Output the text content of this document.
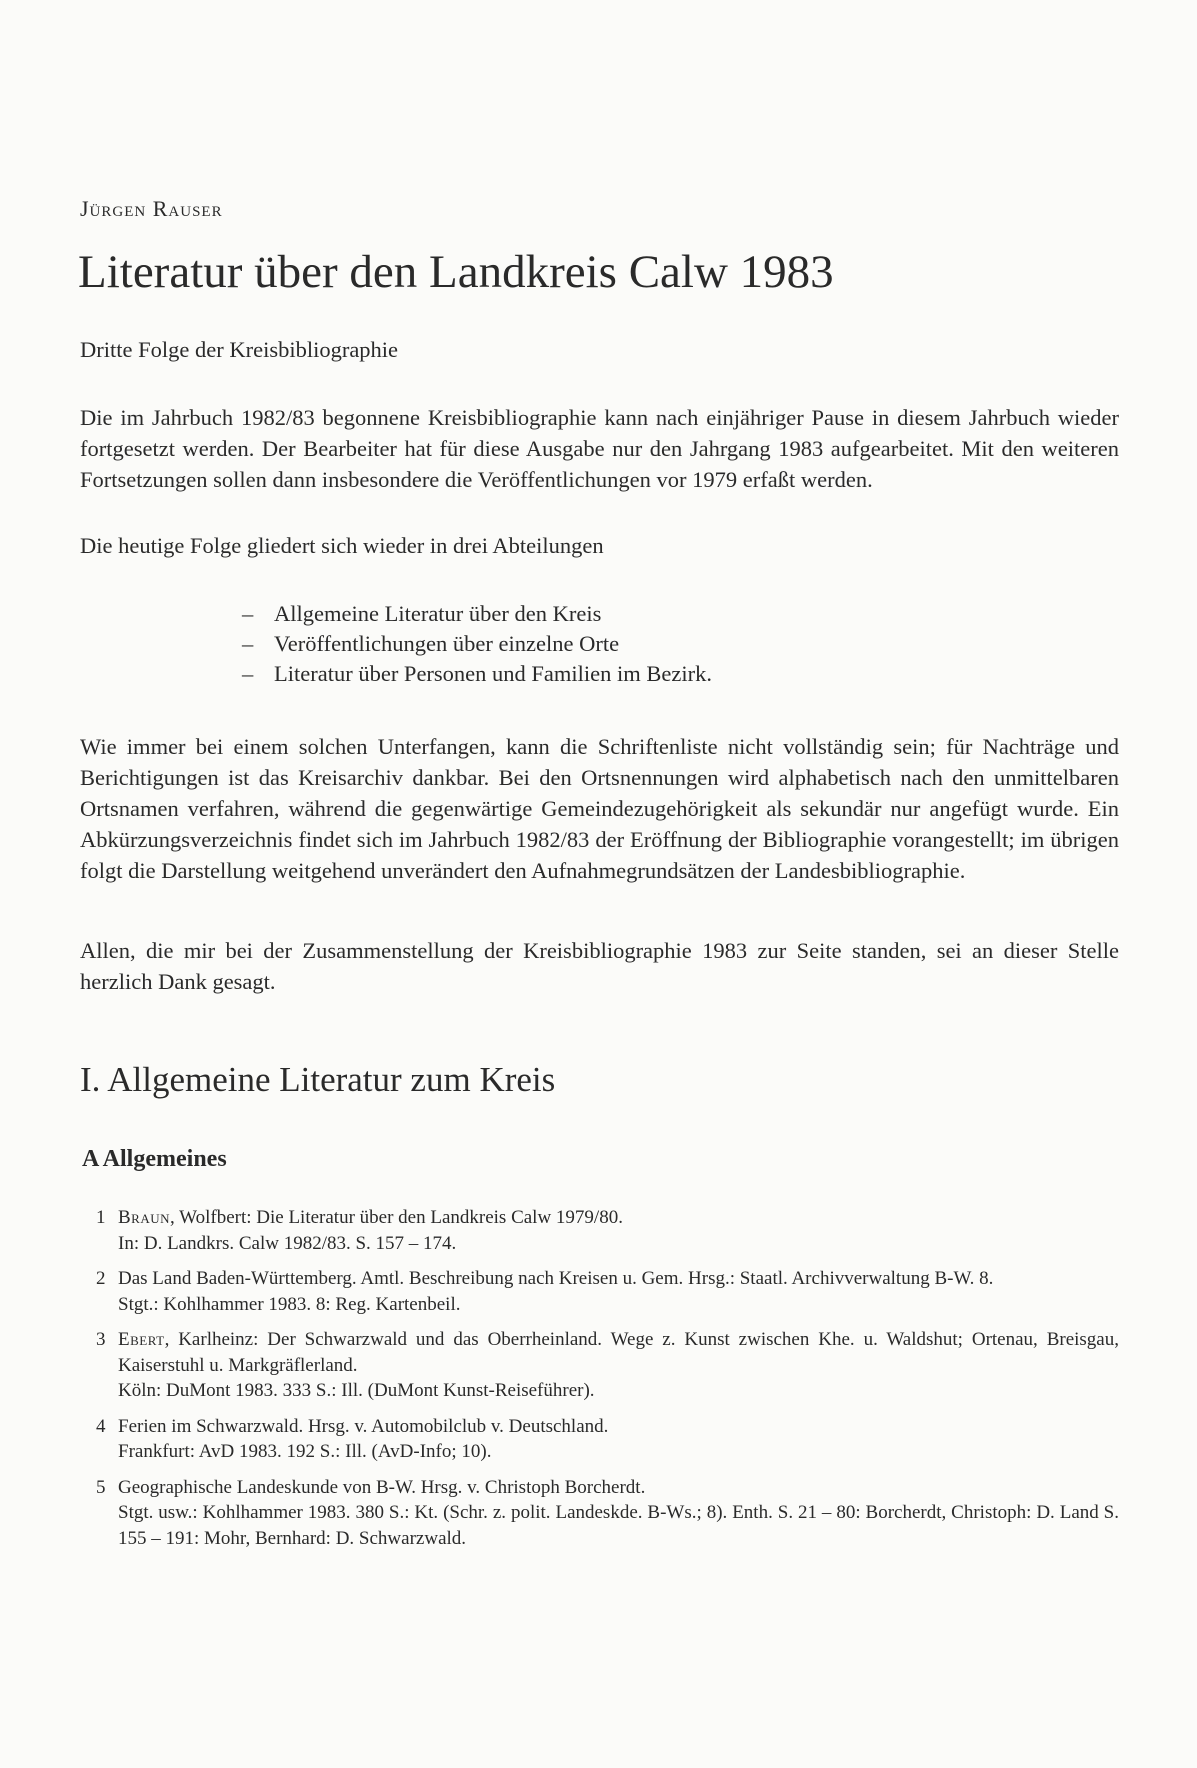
Jürgen Rauser
Literatur über den Landkreis Calw 1983
Dritte Folge der Kreisbibliographie

Die im Jahrbuch 1982/83 begonnene Kreisbibliographie kann nach einjähriger Pause in diesem Jahrbuch wieder fortgesetzt werden. Der Bearbeiter hat für diese Ausgabe nur den Jahrgang 1983 aufgearbeitet. Mit den weiteren Fortsetzungen sollen dann insbesondere die Veröffentlichungen vor 1979 erfaßt werden.

Die heutige Folge gliedert sich wieder in drei Abteilungen

– Allgemeine Literatur über den Kreis
– Veröffentlichungen über einzelne Orte
– Literatur über Personen und Familien im Bezirk.

Wie immer bei einem solchen Unterfangen, kann die Schriftenliste nicht vollständig sein; für Nachträge und Berichtigungen ist das Kreisarchiv dankbar. Bei den Ortsnennungen wird alphabetisch nach den unmittelbaren Ortsnamen verfahren, während die gegenwärtige Gemeindezugehörigkeit als sekundär nur angefügt wurde. Ein Abkürzungsverzeichnis findet sich im Jahrbuch 1982/83 der Eröffnung der Bibliographie vorangestellt; im übrigen folgt die Darstellung weitgehend unverändert den Aufnahmegrundsätzen der Landesbibliographie.

Allen, die mir bei der Zusammenstellung der Kreisbibliographie 1983 zur Seite standen, sei an dieser Stelle herzlich Dank gesagt.

I. Allgemeine Literatur zum Kreis
A Allgemeines
1 Braun, Wolfbert: Die Literatur über den Landkreis Calw 1979/80.
In: D. Landkrs. Calw 1982/83. S. 157 – 174.
2 Das Land Baden-Württemberg. Amtl. Beschreibung nach Kreisen u. Gem. Hrsg.: Staatl. Archivverwaltung B-W. 8.
Stgt.: Kohlhammer 1983. 8: Reg. Kartenbeil.
3 Ebert, Karlheinz: Der Schwarzwald und das Oberrheinland. Wege z. Kunst zwischen Khe. u. Waldshut; Ortenau, Breisgau, Kaiserstuhl u. Markgräflerland.
Köln: DuMont 1983. 333 S.: Ill. (DuMont Kunst-Reiseführer).
4 Ferien im Schwarzwald. Hrsg. v. Automobilclub v. Deutschland.
Frankfurt: AvD 1983. 192 S.: Ill. (AvD-Info; 10).
5 Geographische Landeskunde von B-W. Hrsg. v. Christoph Borcherdt.
Stgt. usw.: Kohlhammer 1983. 380 S.: Kt. (Schr. z. polit. Landeskde. B-Ws.; 8). Enth. S. 21 – 80: Borcherdt, Christoph: D. Land S. 155 – 191: Mohr, Bernhard: D. Schwarzwald.
